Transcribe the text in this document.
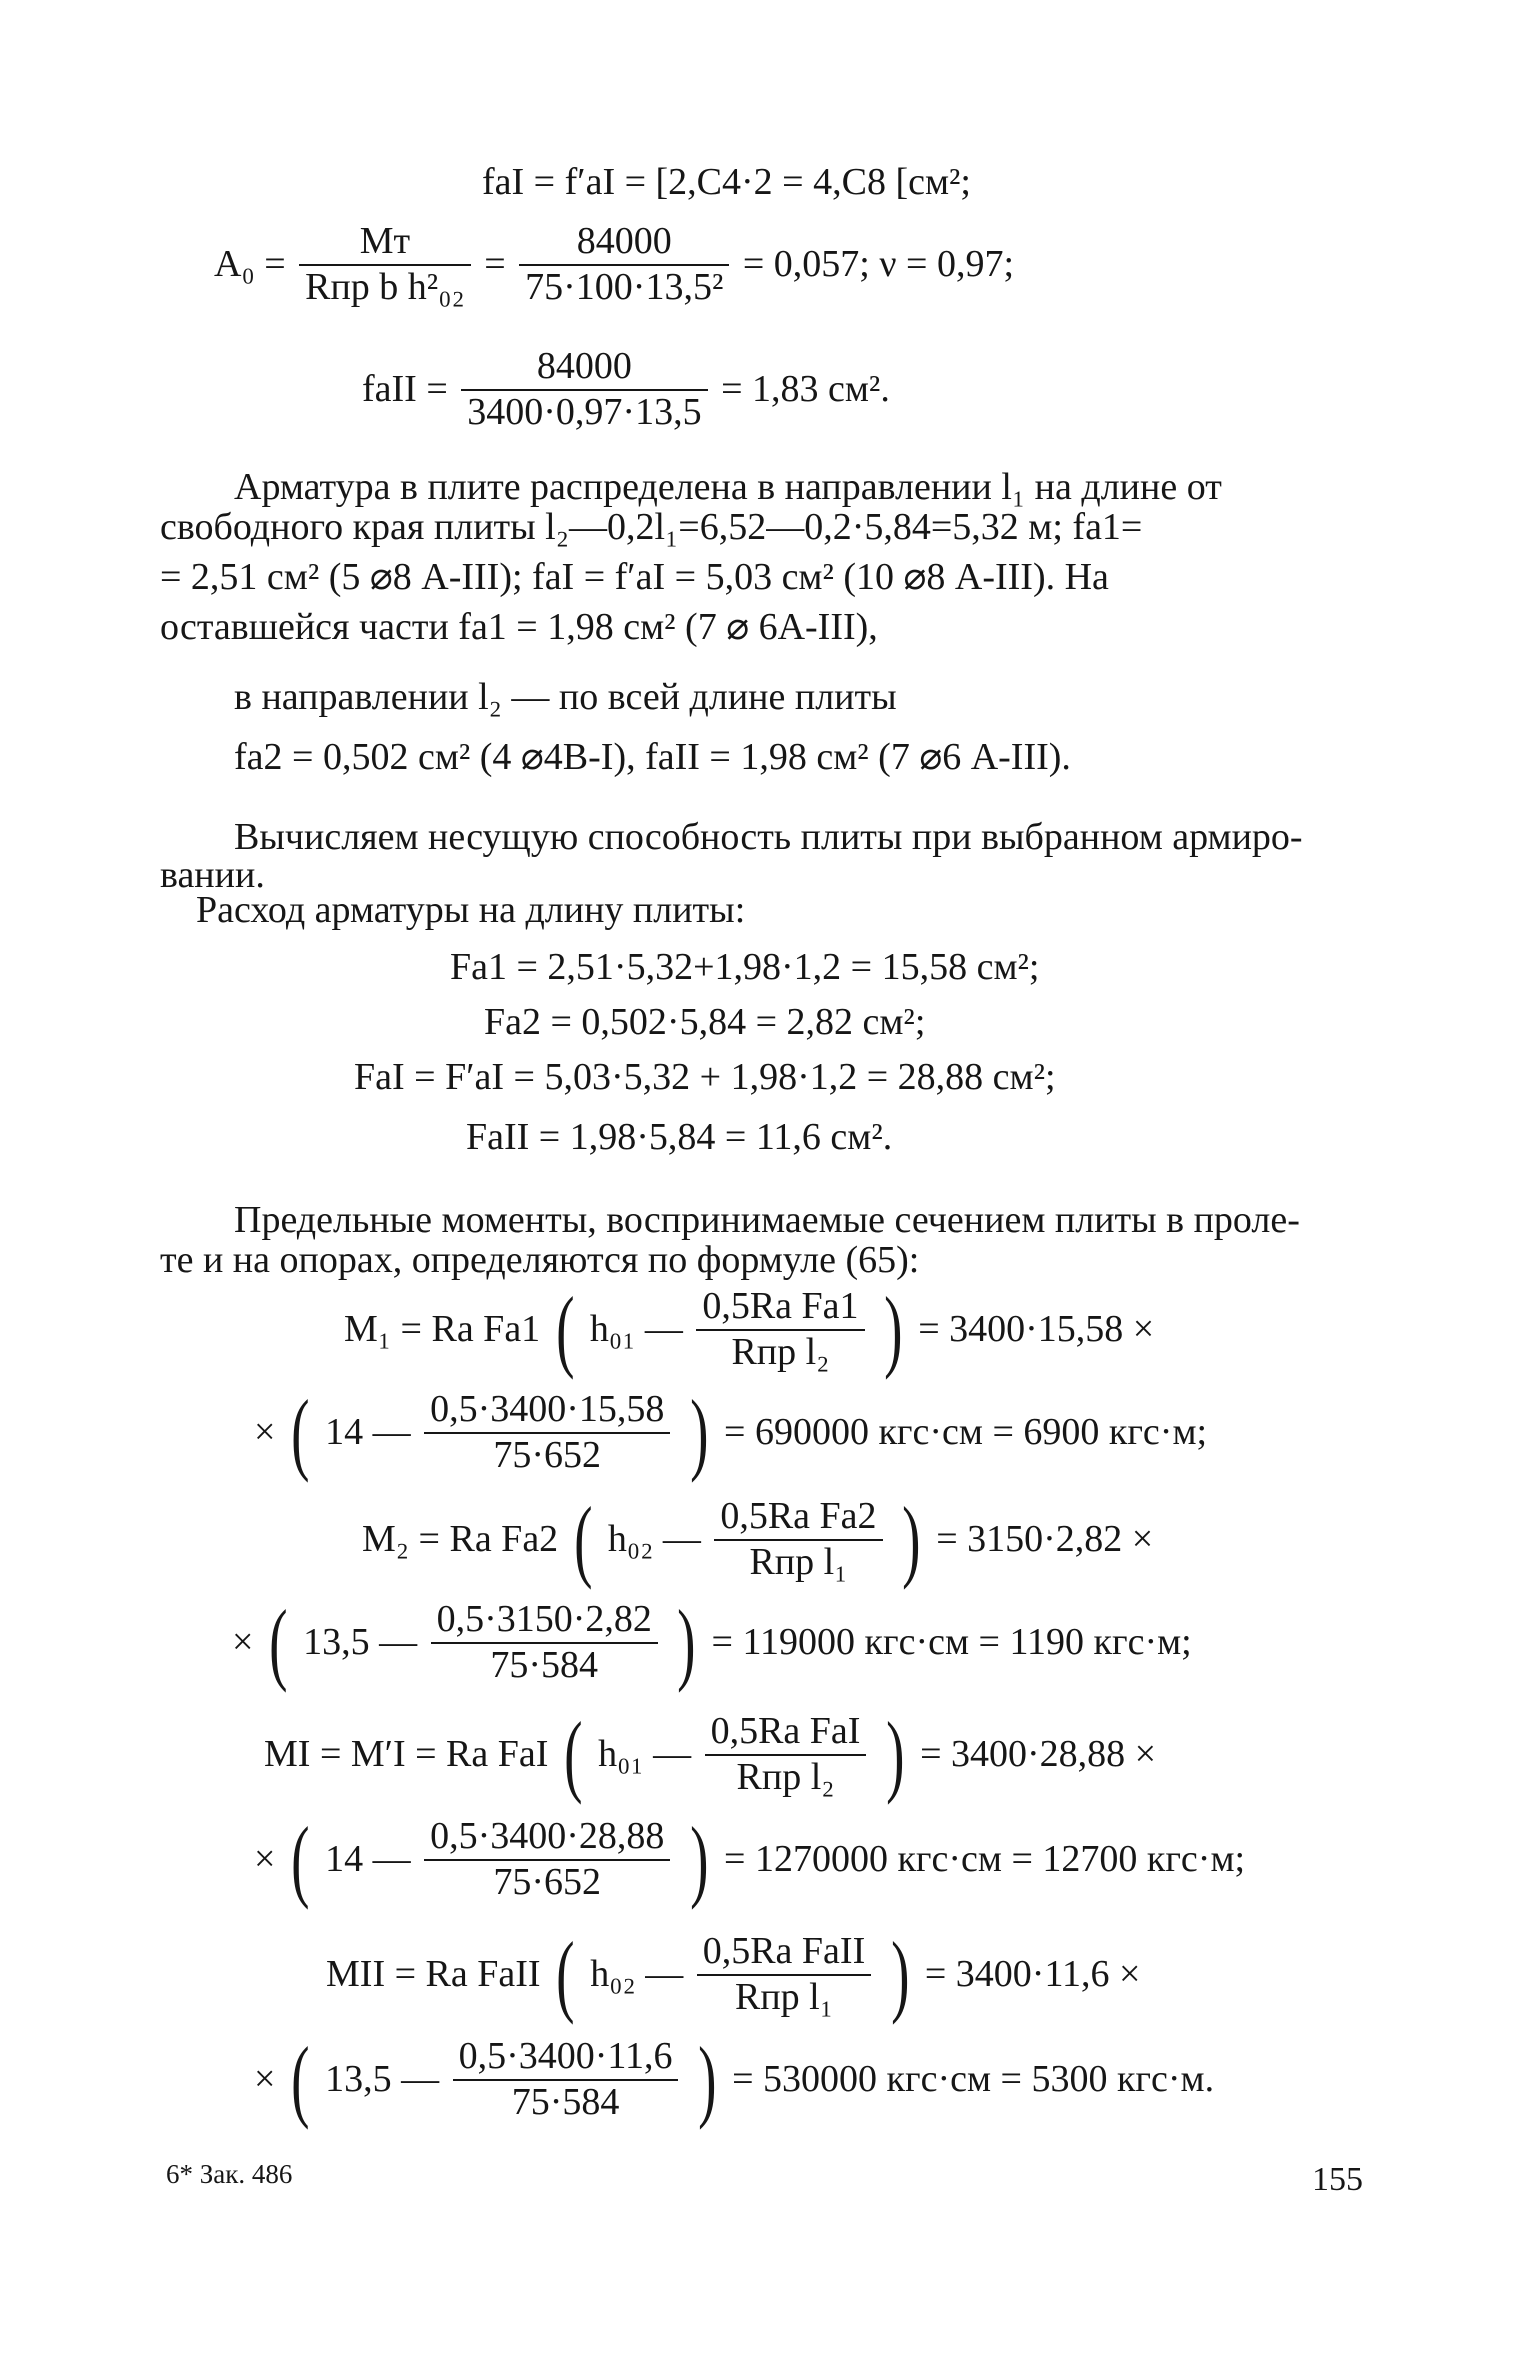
fаI = f′аI = [2,С4·2 = 4,С8 [см²;
$A_0 = \frac{Mт}{\text{Rпр b h²₀₂}} = \frac{84000}{\text{75·100·13,5²}} = 0,057$; ν = 0,97;
fаII = $\frac{84000}{3400\cdot 0,97\cdot 13,5} = 1,83$ см².
Арматура в плите распределена в направлении l₁ на длине от
свободного края плиты l₂—0,2l₁=6,52—0,2·5,84=5,32 м; fа1=
= 2,51 см² (5 ⌀8 А-III); fаI = f′аI = 5,03 см² (10 ⌀8 А-III). На
оставшейся части fа1 = 1,98 см² (7 ⌀ 6А-III),
в направлении l₂ — по всей длине плиты
fа2 = 0,502 см² (4 ⌀4В-I), fаII = 1,98 см² (7 ⌀6 А-III).
Вычисляем несущую способность плиты при выбранном армиро-
вании.
Расход арматуры на длину плиты:
Fа1 = 2,51·5,32+1,98·1,2 = 15,58 см²;
Fа2 = 0,502·5,84 = 2,82 см²;
FаI = F′аI = 5,03·5,32 + 1,98·1,2 = 28,88 см²;
FаII = 1,98·5,84 = 11,6 см².
Предельные моменты, воспринимаемые сечением плиты в проле-
те и на опорах, определяются по формуле (65):
M₁ = Rа Fа1 ( h₀₁ — $\frac{\text{0,5Rа Fа1}}{\text{Rпр l₂}}$ ) = 3400·15,58 ×
× ( 14 — $\frac{0,5\cdot 3400\cdot 15,58}{75\cdot 652}$ ) = 690000 кгс·см = 6900 кгс·м;
M₂ = Rа Fа2 ( h₀₂ — $\frac{\text{0,5Rа Fа2}}{\text{Rпр l₁}}$ ) = 3150·2,82 ×
× ( 13,5 — $\frac{0,5\cdot 3150\cdot 2,82}{75\cdot 584}$ ) = 119000 кгс·см = 1190 кгс·м;
MI = M′I = Rа FаI ( h₀₁ — $\frac{\text{0,5Rа FаI}}{\text{Rпр l₂}}$ ) = 3400·28,88 ×
× ( 14 — $\frac{0,5\cdot 3400\cdot 28,88}{75\cdot 652}$ ) = 1270000 кгс·см = 12700 кгс·м;
MII = Rа FаII ( h₀₂ — $\frac{\text{0,5Rа FаII}}{\text{Rпр l₁}}$ ) = 3400·11,6 ×
× ( 13,5 — $\frac{0,5\cdot 3400\cdot 11,6}{75\cdot 584}$ ) = 530000 кгс·см = 5300 кгс·м.
6* Зак. 486	155
